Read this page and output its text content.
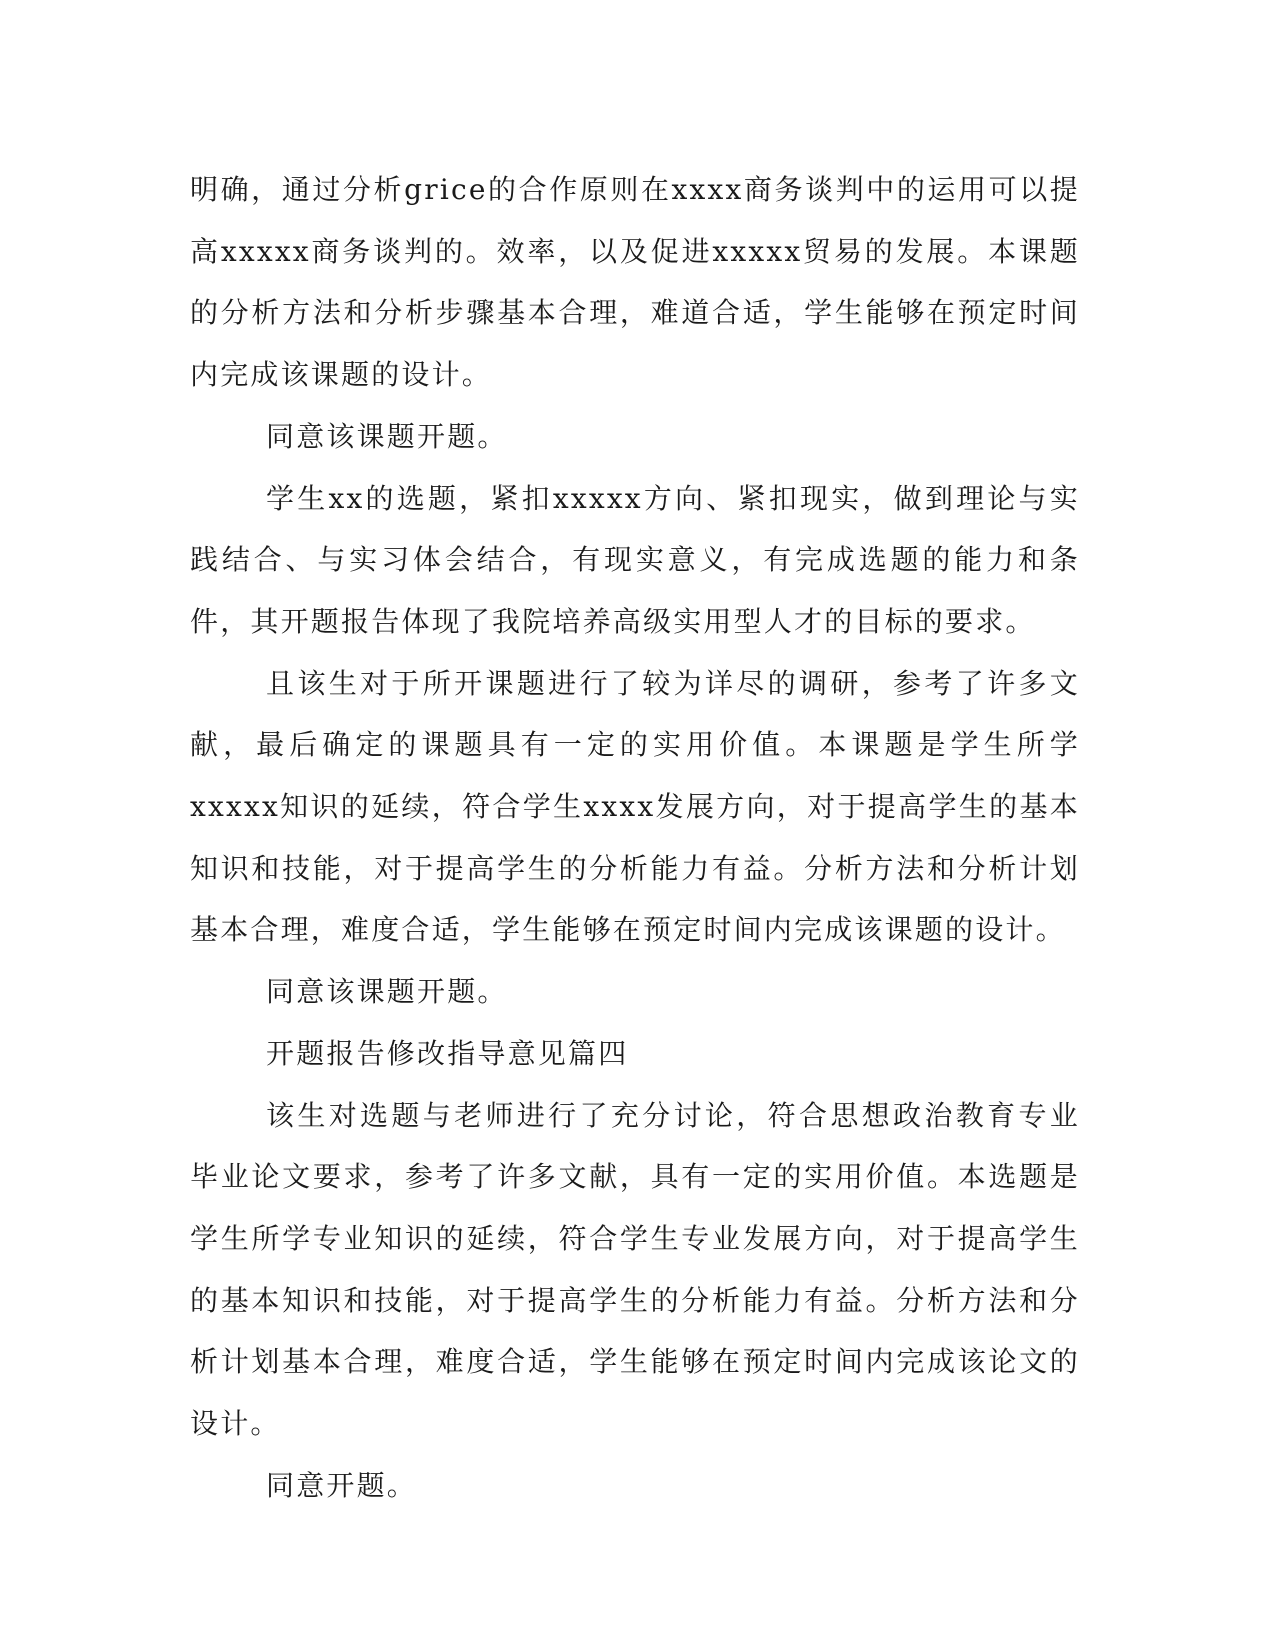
明确，通过分析grice的合作原则在xxxx商务谈判中的运用可以提高xxxxx商务谈判的。效率，以及促进xxxxx贸易的发展。本课题的分析方法和分析步骤基本合理，难道合适，学生能够在预定时间内完成该课题的设计。

同意该课题开题。

学生xx的选题，紧扣xxxxx方向、紧扣现实，做到理论与实践结合、与实习体会结合，有现实意义，有完成选题的能力和条件，其开题报告体现了我院培养高级实用型人才的目标的要求。

且该生对于所开课题进行了较为详尽的调研，参考了许多文献，最后确定的课题具有一定的实用价值。本课题是学生所学xxxxx知识的延续，符合学生xxxx发展方向，对于提高学生的基本知识和技能，对于提高学生的分析能力有益。分析方法和分析计划基本合理，难度合适，学生能够在预定时间内完成该课题的设计。

同意该课题开题。

开题报告修改指导意见篇四

该生对选题与老师进行了充分讨论，符合思想政治教育专业毕业论文要求，参考了许多文献，具有一定的实用价值。本选题是学生所学专业知识的延续，符合学生专业发展方向，对于提高学生的基本知识和技能，对于提高学生的分析能力有益。分析方法和分析计划基本合理，难度合适，学生能够在预定时间内完成该论文的设计。

同意开题。
